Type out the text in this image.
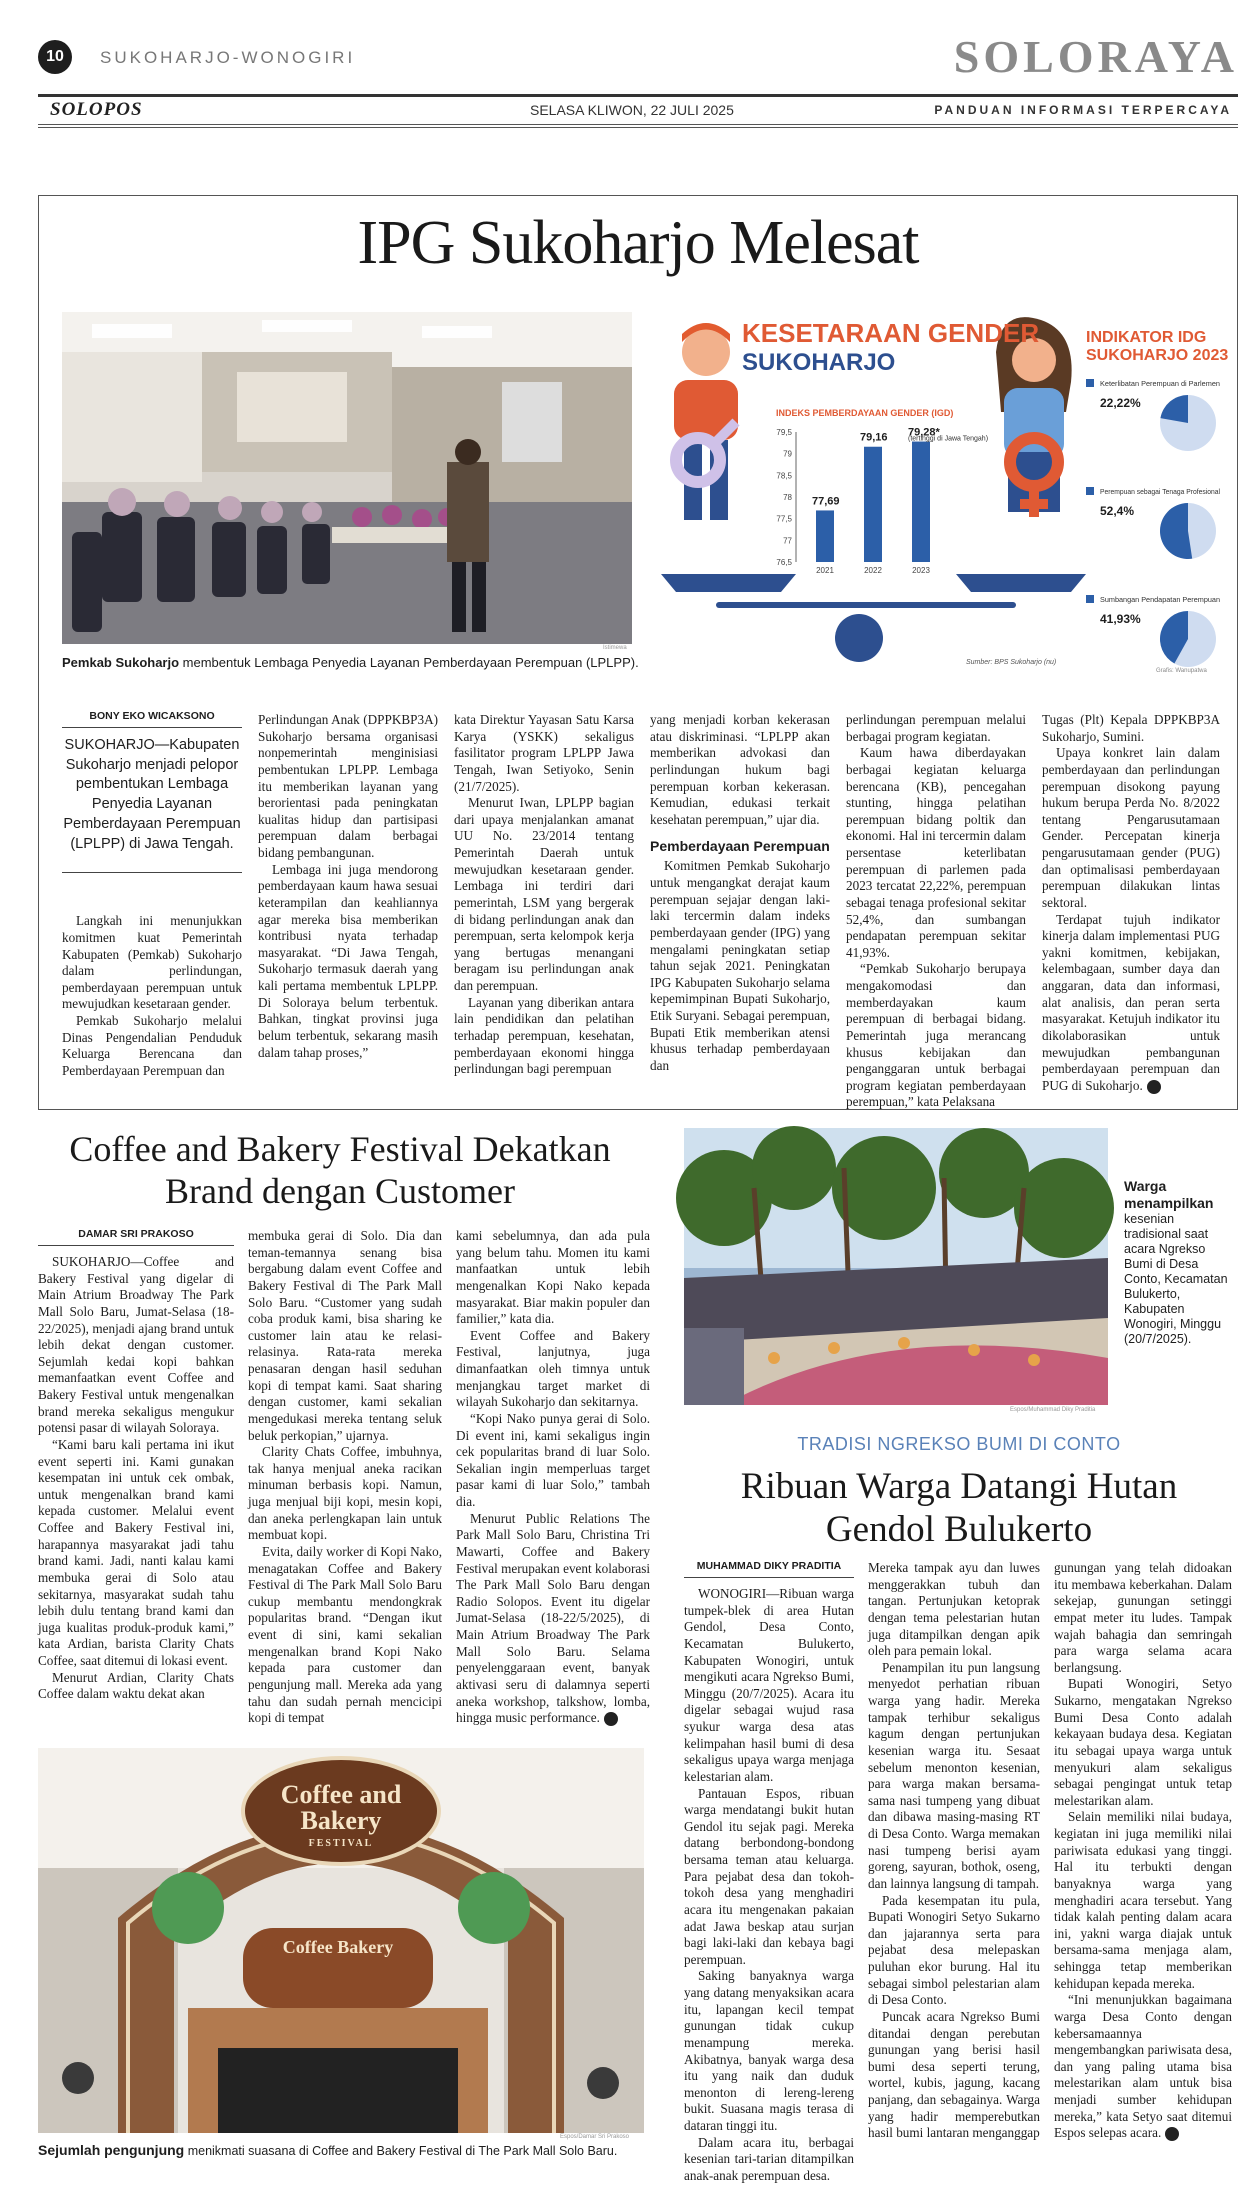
10	SUKOHARJO-WONOGIRI	SOLORAYA
SOLOPOS	SELASA KLIWON, 22 JULI 2025	PANDUAN INFORMASI TERPERCAYA
IPG Sukoharjo Melesat
Istimewa
Pemkab Sukoharjo membentuk Lembaga Penyedia Layanan Pemberdayaan Perempuan (LPLPP).
KESETARAAN GENDER
SUKOHARJO
INDEKS PEMBERDAYAAN GENDER (IGD)
79,5
79
78,5
78
77,5
77
76,5
77,69
2021
79,16
2022
79,28*
2023
(tertinggi di Jawa Tengah)
Sumber: BPS Sukoharjo (nu)
INDIKATOR IDG
SUKOHARJO 2023
Keterlibatan Perempuan di Parlemen
22,22%
Perempuan sebagai Tenaga Profesional
52,4%
Sumbangan Pendapatan Perempuan
41,93%
Grafis: Wanupatwa
BONY EKO WICAKSONO
SUKOHARJO—Kabupaten Sukoharjo menjadi pelopor pembentukan Lembaga Penyedia Layanan Pemberdayaan Perempuan (LPLPP) di Jawa Tengah.

Langkah ini menunjukkan komitmen kuat Pemerintah Kabupaten (Pemkab) Sukoharjo dalam perlindungan, pemberdayaan perempuan untuk mewujudkan kesetaraan gender.

Pemkab Sukoharjo melalui Dinas Pengendalian Penduduk Keluarga Berencana dan Pemberdayaan Perempuan dan

Perlindungan Anak (DPPKBP3A) Sukoharjo bersama organisasi nonpemerintah menginisiasi pembentukan LPLPP. Lembaga itu memberikan layanan yang berorientasi pada peningkatan kualitas hidup dan partisipasi perempuan dalam berbagai bidang pembangunan.

Lembaga ini juga mendorong pemberdayaan kaum hawa sesuai keterampilan dan keahliannya agar mereka bisa memberikan kontribusi nyata terhadap masyarakat. “Di Jawa Tengah, Sukoharjo termasuk daerah yang kali pertama membentuk LPLPP. Di Soloraya belum terbentuk. Bahkan, tingkat provinsi juga belum terbentuk, sekarang masih dalam tahap proses,”

kata Direktur Yayasan Satu Karsa Karya (YSKK) sekaligus fasilitator program LPLPP Jawa Tengah, Iwan Setiyoko, Senin (21/7/2025).

Menurut Iwan, LPLPP bagian dari upaya menjalankan amanat UU No. 23/2014 tentang Pemerintah Daerah untuk mewujudkan kesetaraan gender. Lembaga ini terdiri dari pemerintah, LSM yang bergerak di bidang perlindungan anak dan perempuan, serta kelompok kerja yang bertugas menangani beragam isu perlindungan anak dan perempuan.

Layanan yang diberikan antara lain pendidikan dan pelatihan terhadap perempuan, kesehatan, pemberdayaan ekonomi hingga perlindungan bagi perempuan

yang menjadi korban kekerasan atau diskriminasi. “LPLPP akan memberikan advokasi dan perlindungan hukum bagi perempuan korban kekerasan. Kemudian, edukasi terkait kesehatan perempuan,” ujar dia.

Pemberdayaan Perempuan

Komitmen Pemkab Sukoharjo untuk mengangkat derajat kaum perempuan sejajar dengan laki-laki tercermin dalam indeks pemberdayaan gender (IPG) yang mengalami peningkatan setiap tahun sejak 2021. Peningkatan IPG Kabupaten Sukoharjo selama kepemimpinan Bupati Sukoharjo, Etik Suryani. Sebagai perempuan, Bupati Etik memberikan atensi khusus terhadap pemberdayaan dan

perlindungan perempuan melalui berbagai program kegiatan.

Kaum hawa diberdayakan berbagai kegiatan keluarga berencana (KB), pencegahan stunting, hingga pelatihan perempuan bidang poltik dan ekonomi. Hal ini tercermin dalam persentase keterlibatan perempuan di parlemen pada 2023 tercatat 22,22%, perempuan sebagai tenaga profesional sekitar 52,4%, dan sumbangan pendapatan perempuan sekitar 41,93%.

“Pemkab Sukoharjo berupaya mengakomodasi dan memberdayakan kaum perempuan di berbagai bidang. Pemerintah juga merancang khusus kebijakan dan penganggaran untuk berbagai program kegiatan pemberdayaan perempuan,” kata Pelaksana

Tugas (Plt) Kepala DPPKBP3A Sukoharjo, Sumini.

Upaya konkret lain dalam pemberdayaan dan perlindungan perempuan disokong payung hukum berupa Perda No. 8/2022 tentang Pengarusutamaan Gender. Percepatan kinerja pengarusutamaan gender (PUG) dan optimalisasi pemberdayaan perempuan dilakukan lintas sektoral.

Terdapat tujuh indikator kinerja dalam implementasi PUG yakni komitmen, kebijakan, kelembagaan, sumber daya dan anggaran, data dan informasi, alat analisis, dan peran serta masyarakat. Ketujuh indikator itu dikolaborasikan untuk mewujudkan pembangunan pemberdayaan perempuan dan PUG di Sukoharjo. ●

Coffee and Bakery Festival Dekatkan Brand dengan Customer
DAMAR SRI PRAKOSO

SUKOHARJO—Coffee and Bakery Festival yang digelar di Main Atrium Broadway The Park Mall Solo Baru, Jumat-Selasa (18-22/2025), menjadi ajang brand untuk lebih dekat dengan customer. Sejumlah kedai kopi bahkan memanfaatkan event Coffee and Bakery Festival untuk mengenalkan brand mereka sekaligus mengukur potensi pasar di wilayah Soloraya.

“Kami baru kali pertama ini ikut event seperti ini. Kami gunakan kesempatan ini untuk cek ombak, untuk mengenalkan brand kami kepada customer. Melalui event Coffee and Bakery Festival ini, harapannya masyarakat jadi tahu brand kami. Jadi, nanti kalau kami membuka gerai di Solo atau sekitarnya, masyarakat sudah tahu lebih dulu tentang brand kami dan juga kualitas produk-produk kami,” kata Ardian, barista Clarity Chats Coffee, saat ditemui di lokasi event.

Menurut Ardian, Clarity Chats Coffee dalam waktu dekat akan

membuka gerai di Solo. Dia dan teman-temannya senang bisa bergabung dalam event Coffee and Bakery Festival di The Park Mall Solo Baru. “Customer yang sudah coba produk kami, bisa sharing ke customer lain atau ke relasi-relasinya. Rata-rata mereka penasaran dengan hasil seduhan kopi di tempat kami. Saat sharing dengan customer, kami sekalian mengedukasi mereka tentang seluk beluk perkopian,” ujarnya.

Clarity Chats Coffee, imbuhnya, tak hanya menjual aneka racikan minuman berbasis kopi. Namun, juga menjual biji kopi, mesin kopi, dan aneka perlengkapan lain untuk membuat kopi.

Evita, daily worker di Kopi Nako, menagatakan Coffee and Bakery Festival di The Park Mall Solo Baru cukup membantu mendongkrak popularitas brand. “Dengan ikut event di sini, kami sekalian mengenalkan brand Kopi Nako kepada para customer dan pengunjung mall. Mereka ada yang tahu dan sudah pernah mencicipi kopi di tempat

kami sebelumnya, dan ada pula yang belum tahu. Momen itu kami manfaatkan untuk lebih mengenalkan Kopi Nako kepada masyarakat. Biar makin populer dan familier,” kata dia.

Event Coffee and Bakery Festival, lanjutnya, juga dimanfaatkan oleh timnya untuk menjangkau target market di wilayah Sukoharjo dan sekitarnya.

“Kopi Nako punya gerai di Solo. Di event ini, kami sekaligus ingin cek popularitas brand di luar Solo. Sekalian ingin memperluas target pasar kami di luar Solo,” tambah dia.

Menurut Public Relations The Park Mall Solo Baru, Christina Tri Mawarti, Coffee and Bakery Festival merupakan event kolaborasi The Park Mall Solo Baru dengan Radio Solopos. Event itu digelar Jumat-Selasa (18-22/5/2025), di Main Atrium Broadway The Park Mall Solo Baru. Selama penyelenggaraan event, banyak aktivasi seru di dalamnya seperti aneka workshop, talkshow, lomba, hingga music performance. ●

Coffee and Bakery
FESTIVAL
Coffee Bakery
Espos/Damar Sri Prakoso
Sejumlah pengunjung menikmati suasana di Coffee and Bakery Festival di The Park Mall Solo Baru.
Espos/Muhammad Diky Praditia
Warga menampilkan
kesenian tradisional saat acara Ngrekso Bumi di Desa Conto, Kecamatan Bulukerto, Kabupaten Wonogiri, Minggu (20/7/2025).
TRADISI NGREKSO BUMI DI CONTO
Ribuan Warga Datangi Hutan Gendol Bulukerto
MUHAMMAD DIKY PRADITIA

WONOGIRI—Ribuan warga tumpek-blek di area Hutan Gendol, Desa Conto, Kecamatan Bulukerto, Kabupaten Wonogiri, untuk mengikuti acara Ngrekso Bumi, Minggu (20/7/2025). Acara itu digelar sebagai wujud rasa syukur warga desa atas kelimpahan hasil bumi di desa sekaligus upaya warga menjaga kelestarian alam.

Pantauan Espos, ribuan warga mendatangi bukit hutan Gendol itu sejak pagi. Mereka datang berbondong-bondong bersama teman atau keluarga. Para pejabat desa dan tokoh-tokoh desa yang menghadiri acara itu mengenakan pakaian adat Jawa beskap atau surjan bagi laki-laki dan kebaya bagi perempuan.

Saking banyaknya warga yang datang menyaksikan acara itu, lapangan kecil tempat gunungan tidak cukup menampung mereka. Akibatnya, banyak warga desa itu yang naik dan duduk menonton di lereng-lereng bukit. Suasana magis terasa di dataran tinggi itu.

Dalam acara itu, berbagai kesenian tari-tarian ditampilkan anak-anak perempuan desa.

Mereka tampak ayu dan luwes menggerakkan tubuh dan tangan. Pertunjukan ketoprak dengan tema pelestarian hutan juga ditampilkan dengan apik oleh para pemain lokal.

Penampilan itu pun langsung menyedot perhatian ribuan warga yang hadir. Mereka tampak terhibur sekaligus kagum dengan pertunjukan kesenian warga itu. Sesaat sebelum menonton kesenian, para warga makan bersama-sama nasi tumpeng yang dibuat dan dibawa masing-masing RT di Desa Conto. Warga memakan nasi tumpeng berisi ayam goreng, sayuran, bothok, oseng, dan lainnya langsung di tampah.

Pada kesempatan itu pula, Bupati Wonogiri Setyo Sukarno dan jajarannya serta para pejabat desa melepaskan puluhan ekor burung. Hal itu sebagai simbol pelestarian alam di Desa Conto.

Puncak acara Ngrekso Bumi ditandai dengan perebutan gunungan yang berisi hasil bumi desa seperti terung, wortel, kubis, jagung, kacang panjang, dan sebagainya. Warga yang hadir memperebutkan hasil bumi lantaran menganggap

gunungan yang telah didoakan itu membawa keberkahan. Dalam sekejap, gunungan setinggi empat meter itu ludes. Tampak wajah bahagia dan semringah para warga selama acara berlangsung.

Bupati Wonogiri, Setyo Sukarno, mengatakan Ngrekso Bumi Desa Conto adalah kekayaan budaya desa. Kegiatan itu sebagai upaya warga untuk menyukuri alam sekaligus sebagai pengingat untuk tetap melestarikan alam.

Selain memiliki nilai budaya, kegiatan ini juga memiliki nilai pariwisata edukasi yang tinggi. Hal itu terbukti dengan banyaknya warga yang menghadiri acara tersebut. Yang tidak kalah penting dalam acara ini, yakni warga diajak untuk bersama-sama menjaga alam, sehingga tetap memberikan kehidupan kepada mereka.

“Ini menunjukkan bagaimana warga Desa Conto dengan kebersamaannya mengembangkan pariwisata desa, dan yang paling utama bisa melestarikan alam untuk bisa menjadi sumber kehidupan mereka,” kata Setyo saat ditemui Espos selepas acara. ●
